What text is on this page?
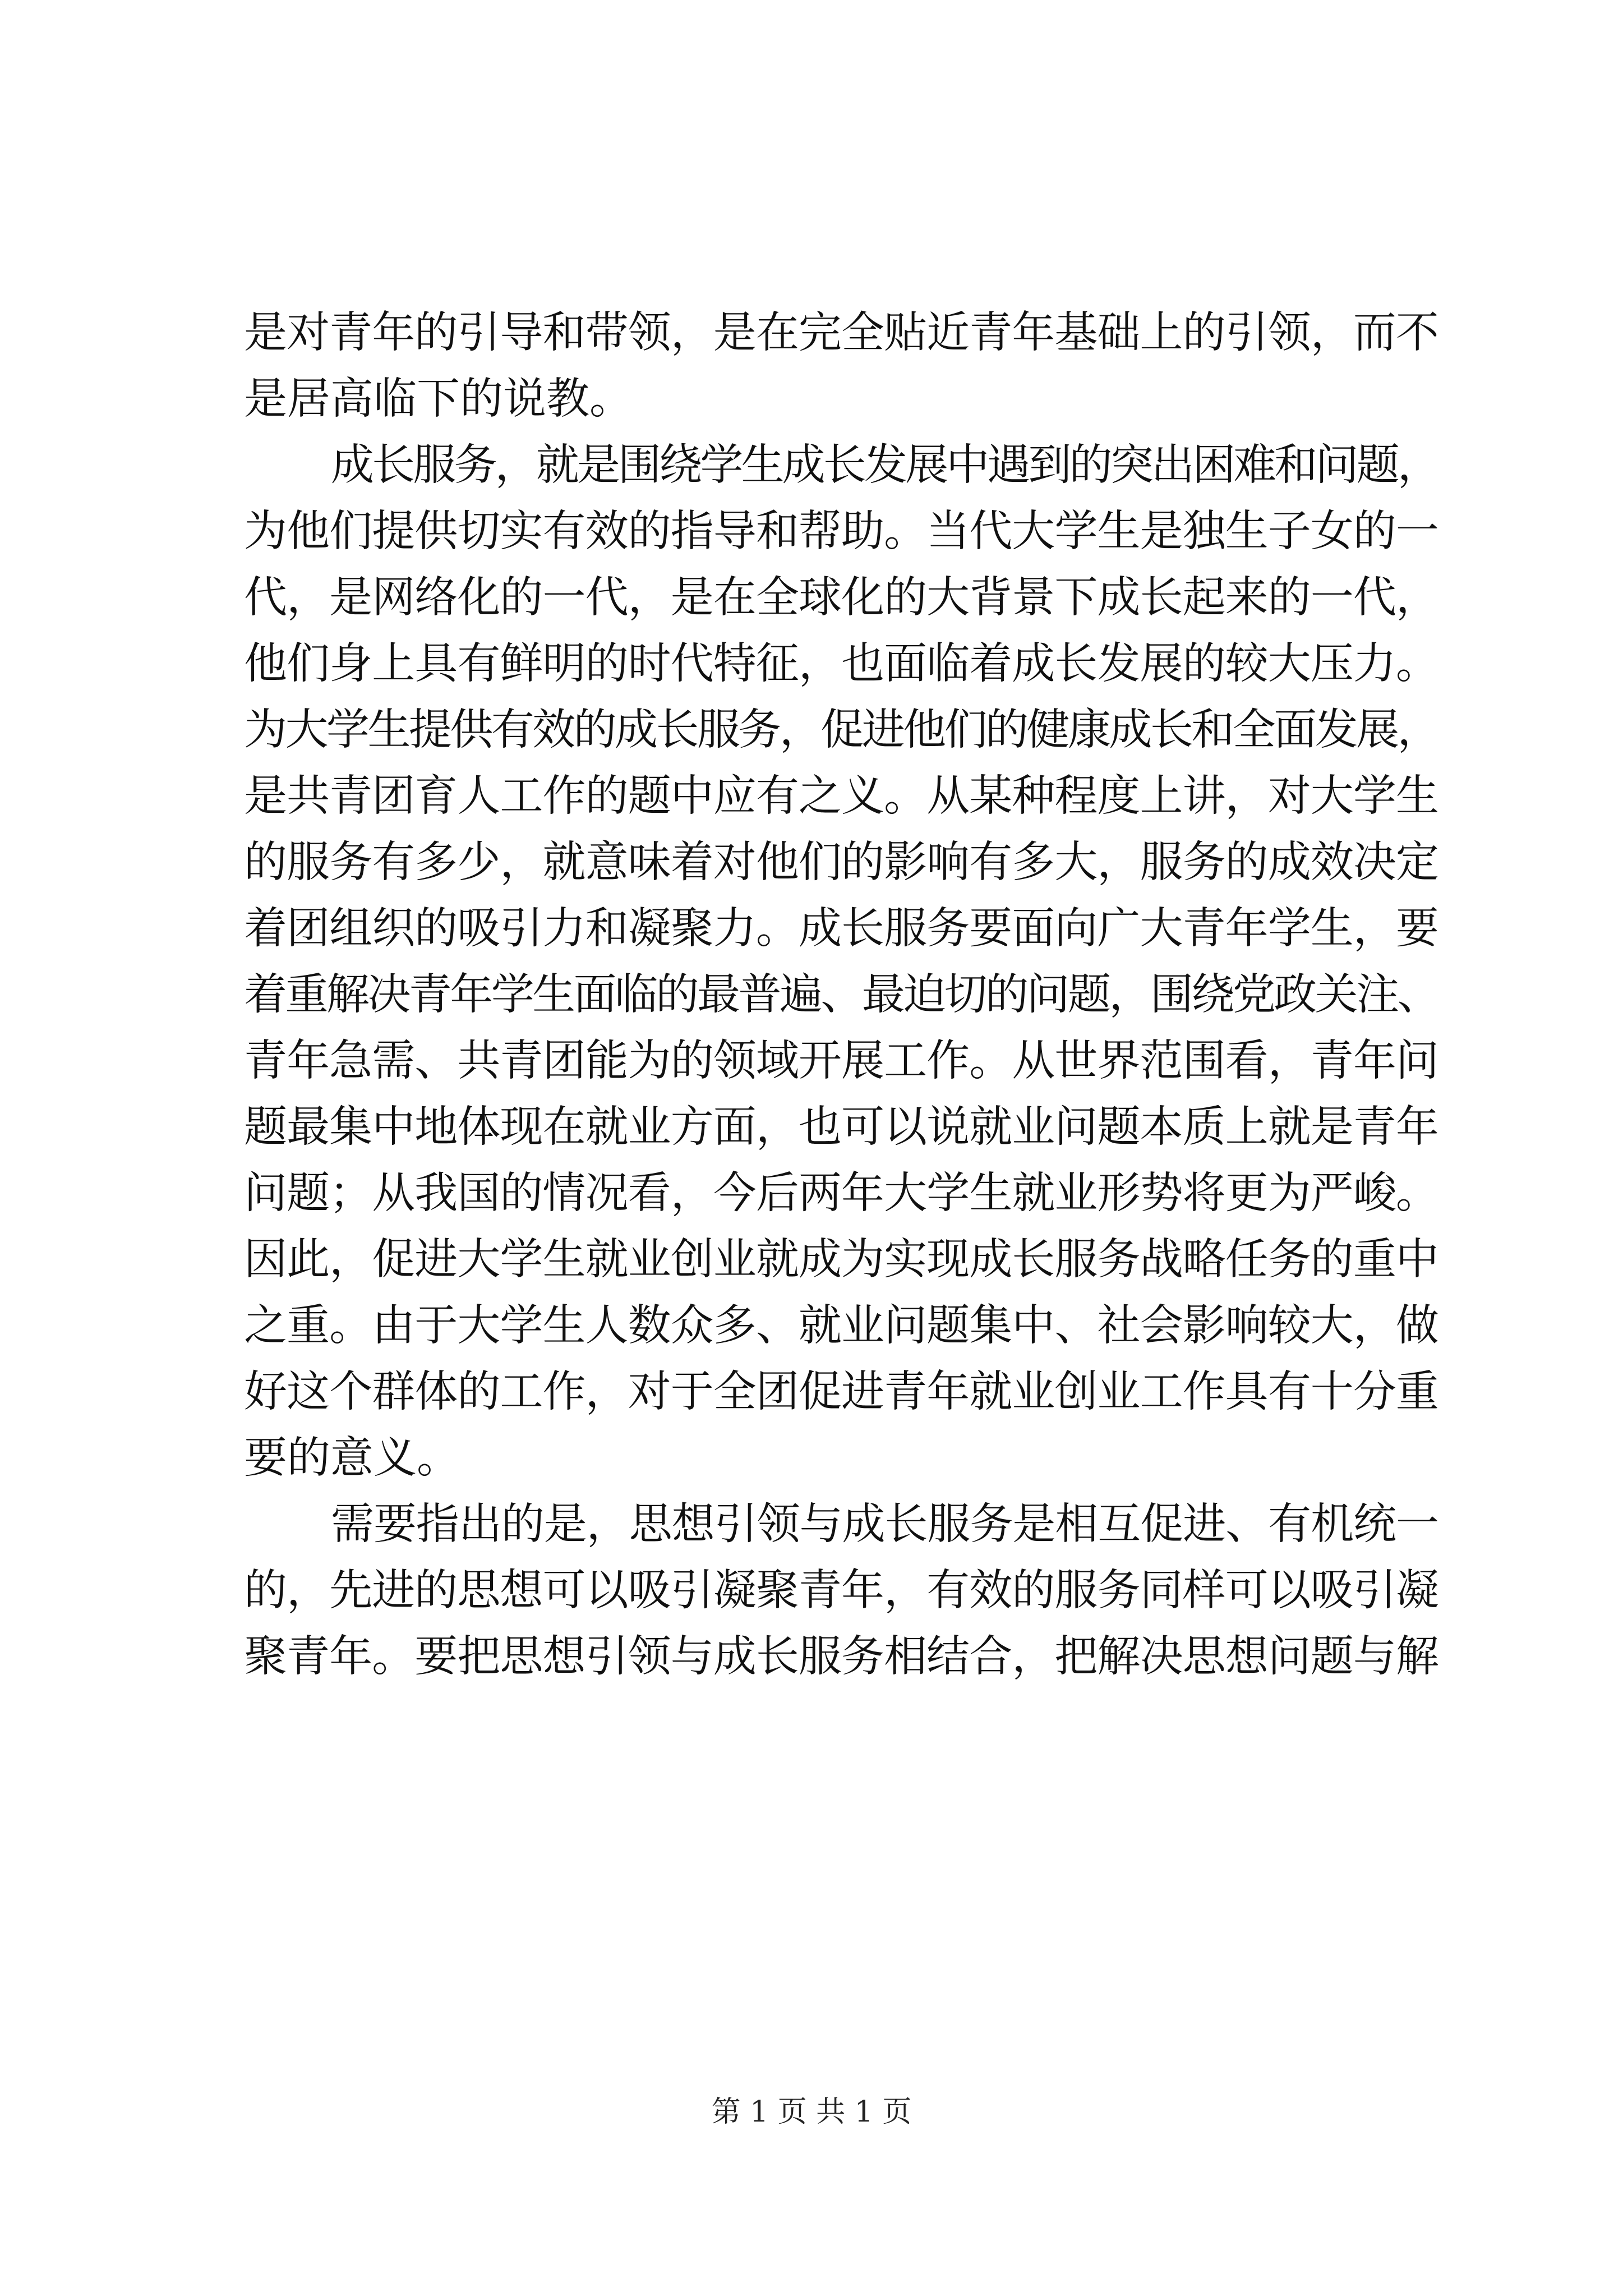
是对青年的引导和带领，是在完全贴近青年基础上的引领，而不
是居高临下的说教。
成长服务，就是围绕学生成长发展中遇到的突出困难和问题，
为他们提供切实有效的指导和帮助。当代大学生是独生子女的一
代，是网络化的一代，是在全球化的大背景下成长起来的一代，
他们身上具有鲜明的时代特征，也面临着成长发展的较大压力。
为大学生提供有效的成长服务，促进他们的健康成长和全面发展，
是共青团育人工作的题中应有之义。从某种程度上讲，对大学生
的服务有多少，就意味着对他们的影响有多大，服务的成效决定
着团组织的吸引力和凝聚力。成长服务要面向广大青年学生，要
着重解决青年学生面临的最普遍、最迫切的问题，围绕党政关注、
青年急需、共青团能为的领域开展工作。从世界范围看，青年问
题最集中地体现在就业方面，也可以说就业问题本质上就是青年
问题；从我国的情况看，今后两年大学生就业形势将更为严峻。
因此，促进大学生就业创业就成为实现成长服务战略任务的重中
之重。由于大学生人数众多、就业问题集中、社会影响较大，做
好这个群体的工作，对于全团促进青年就业创业工作具有十分重
要的意义。
需要指出的是，思想引领与成长服务是相互促进、有机统一
的，先进的思想可以吸引凝聚青年，有效的服务同样可以吸引凝
聚青年。要把思想引领与成长服务相结合，把解决思想问题与解
第 1 页 共 1 页
